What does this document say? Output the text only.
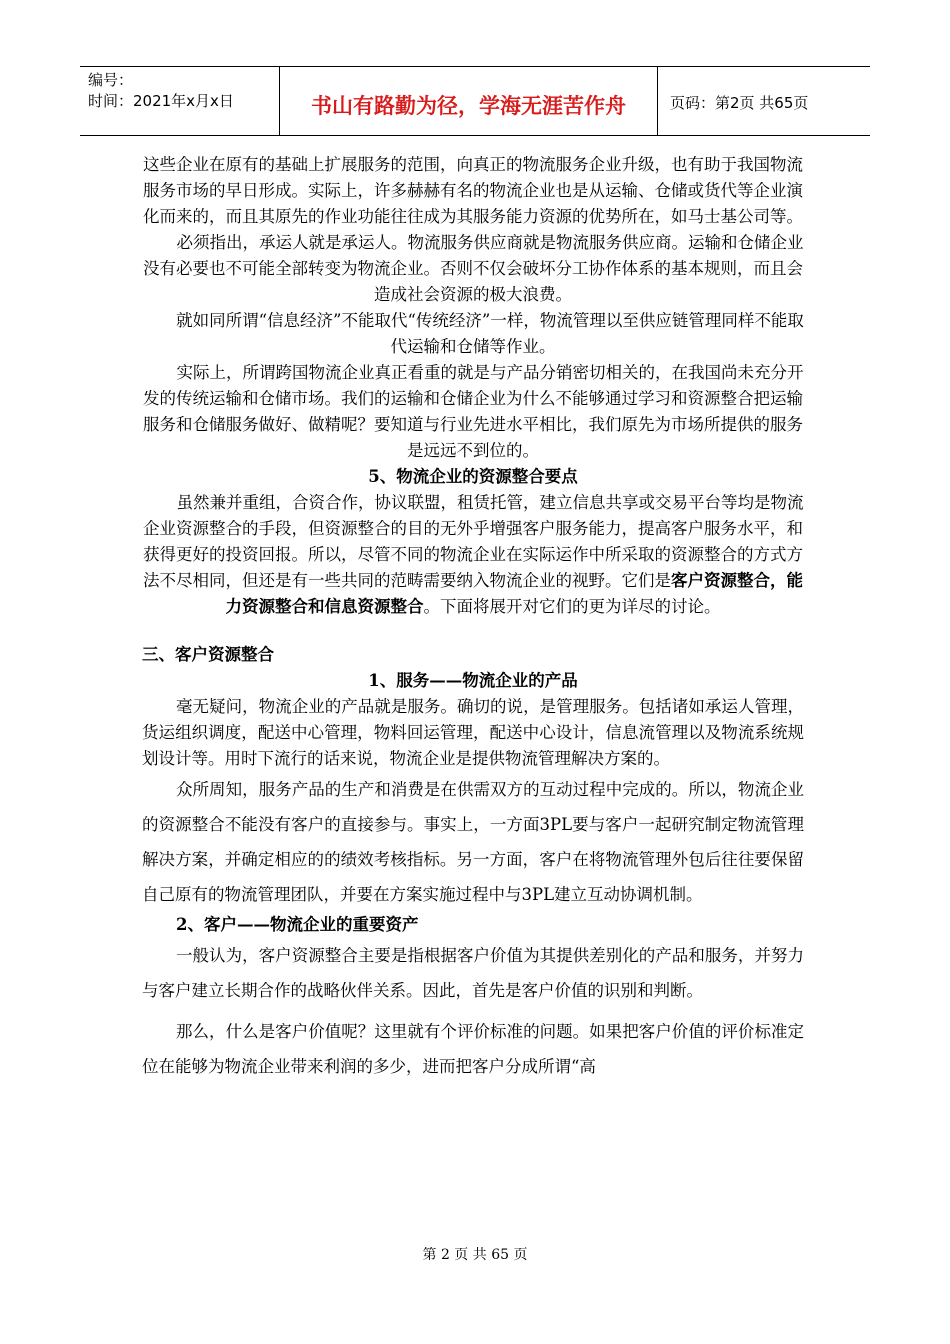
编号：
时间：2021年x月x日	书山有路勤为径，学海无涯苦作舟	页码：第2页 共65页

这些企业在原有的基础上扩展服务的范围，向真正的物流服务企业升级，也有助于我国物流服务市场的早日形成。实际上，许多赫赫有名的物流企业也是从运输、仓储或货代等企业演化而来的，而且其原先的作业功能往往成为其服务能力资源的优势所在，如马士基公司等。

必须指出，承运人就是承运人。物流服务供应商就是物流服务供应商。运输和仓储企业没有必要也不可能全部转变为物流企业。否则不仅会破坏分工协作体系的基本规则，而且会造成社会资源的极大浪费。

就如同所谓“信息经济”不能取代“传统经济”一样，物流管理以至供应链管理同样不能取代运输和仓储等作业。

实际上，所谓跨国物流企业真正看重的就是与产品分销密切相关的，在我国尚未充分开发的传统运输和仓储市场。我们的运输和仓储企业为什么不能够通过学习和资源整合把运输服务和仓储服务做好、做精呢？要知道与行业先进水平相比，我们原先为市场所提供的服务是远远不到位的。

5、物流企业的资源整合要点

虽然兼并重组，合资合作，协议联盟，租赁托管，建立信息共享或交易平台等均是物流企业资源整合的手段，但资源整合的目的无外乎增强客户服务能力，提高客户服务水平，和获得更好的投资回报。所以，尽管不同的物流企业在实际运作中所采取的资源整合的方式方法不尽相同，但还是有一些共同的范畴需要纳入物流企业的视野。它们是客户资源整合，能力资源整合和信息资源整合。下面将展开对它们的更为详尽的讨论。

三、客户资源整合

1、服务——物流企业的产品

毫无疑问，物流企业的产品就是服务。确切的说，是管理服务。包括诸如承运人管理，货运组织调度，配送中心管理，物料回运管理，配送中心设计，信息流管理以及物流系统规划设计等。用时下流行的话来说，物流企业是提供物流管理解决方案的。

众所周知，服务产品的生产和消费是在供需双方的互动过程中完成的。所以，物流企业的资源整合不能没有客户的直接参与。事实上，一方面3PL要与客户一起研究制定物流管理解决方案，并确定相应的的绩效考核指标。另一方面，客户在将物流管理外包后往往要保留自己原有的物流管理团队，并要在方案实施过程中与3PL建立互动协调机制。

2、客户——物流企业的重要资产

一般认为，客户资源整合主要是指根据客户价值为其提供差别化的产品和服务，并努力与客户建立长期合作的战略伙伴关系。因此，首先是客户价值的识别和判断。

那么，什么是客户价值呢？这里就有个评价标准的问题。如果把客户价值的评价标准定位在能够为物流企业带来利润的多少，进而把客户分成所谓“高

第 2 页 共 65 页
